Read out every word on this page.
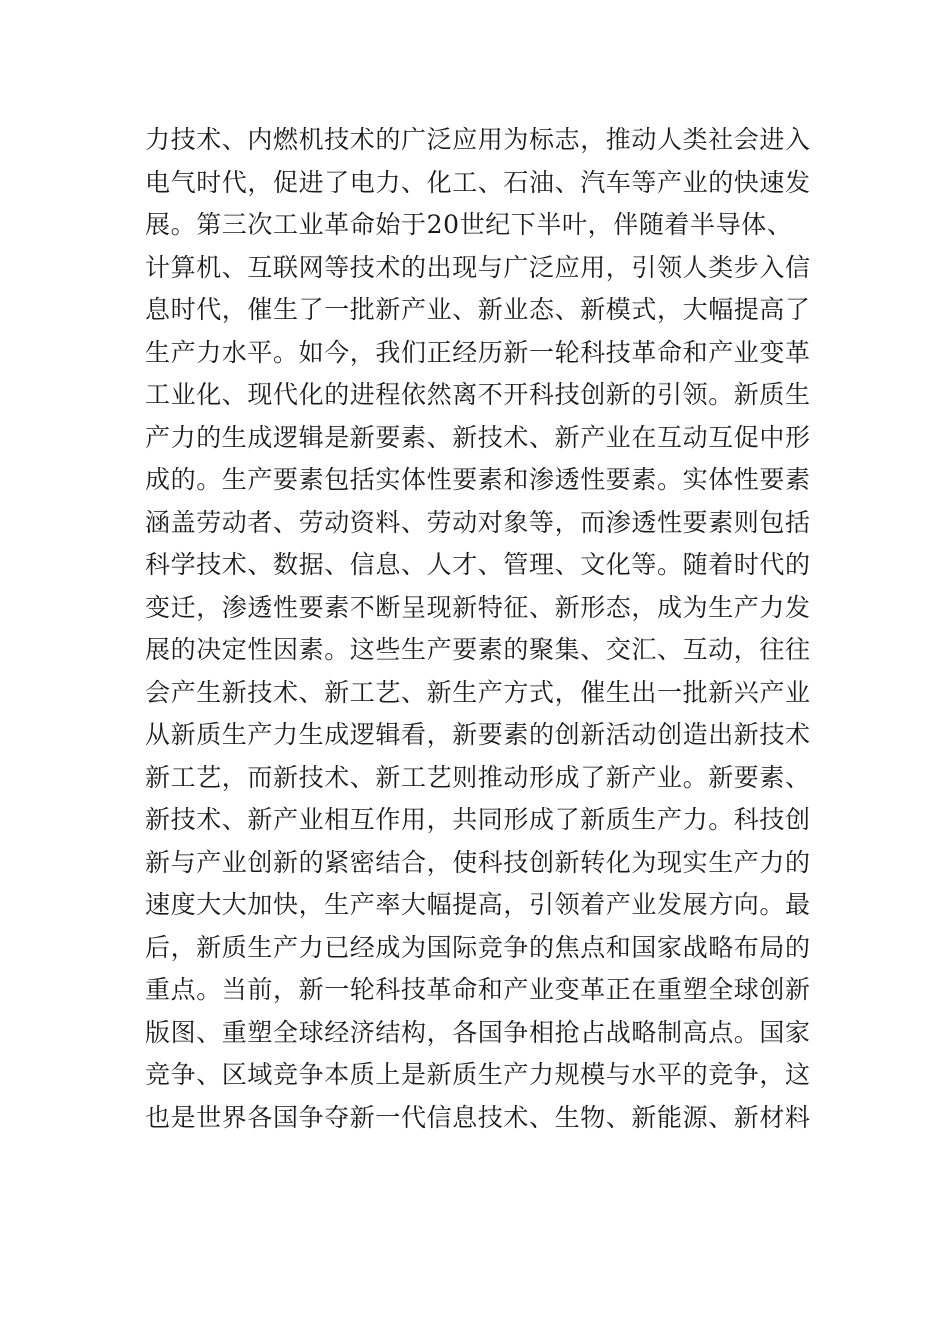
力技术、内燃机技术的广泛应用为标志，推动人类社会进入
电气时代，促进了电力、化工、石油、汽车等产业的快速发
展。第三次工业革命始于20世纪下半叶，伴随着半导体、
计算机、互联网等技术的出现与广泛应用，引领人类步入信
息时代，催生了一批新产业、新业态、新模式，大幅提高了
生产力水平。如今，我们正经历新一轮科技革命和产业变革
工业化、现代化的进程依然离不开科技创新的引领。新质生
产力的生成逻辑是新要素、新技术、新产业在互动互促中形
成的。生产要素包括实体性要素和渗透性要素。实体性要素
涵盖劳动者、劳动资料、劳动对象等，而渗透性要素则包括
科学技术、数据、信息、人才、管理、文化等。随着时代的
变迁，渗透性要素不断呈现新特征、新形态，成为生产力发
展的决定性因素。这些生产要素的聚集、交汇、互动，往往
会产生新技术、新工艺、新生产方式，催生出一批新兴产业
从新质生产力生成逻辑看，新要素的创新活动创造出新技术
新工艺，而新技术、新工艺则推动形成了新产业。新要素、
新技术、新产业相互作用，共同形成了新质生产力。科技创
新与产业创新的紧密结合，使科技创新转化为现实生产力的
速度大大加快，生产率大幅提高，引领着产业发展方向。最
后，新质生产力已经成为国际竞争的焦点和国家战略布局的
重点。当前，新一轮科技革命和产业变革正在重塑全球创新
版图、重塑全球经济结构，各国争相抢占战略制高点。国家
竞争、区域竞争本质上是新质生产力规模与水平的竞争，这
也是世界各国争夺新一代信息技术、生物、新能源、新材料
